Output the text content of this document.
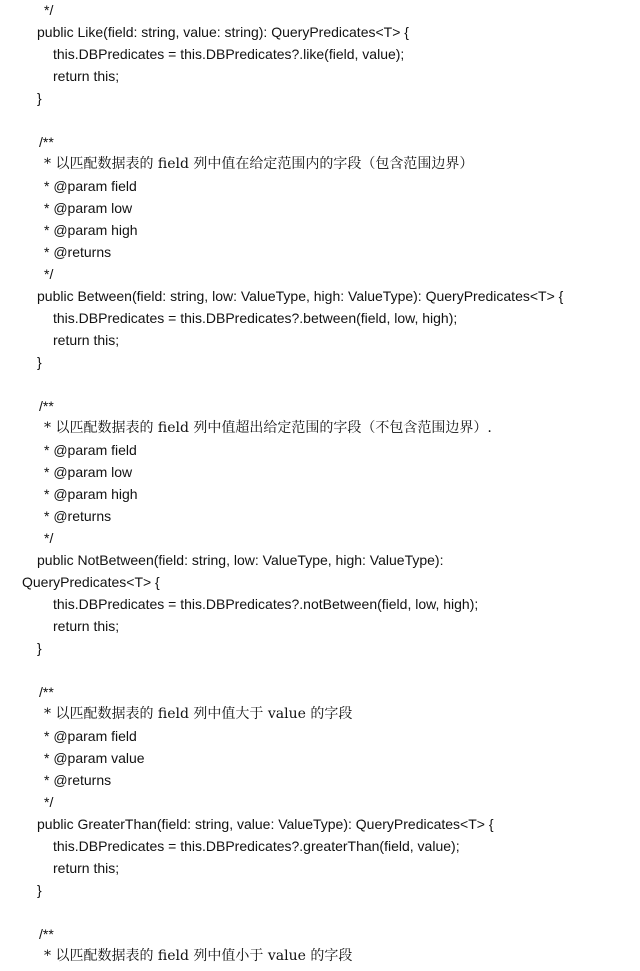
*/
public Like(field: string, value: string): QueryPredicates<T> {
this.DBPredicates = this.DBPredicates?.like(field, value);
return this;
}
/**
* 以匹配数据表的 field 列中值在给定范围内的字段（包含范围边界）
* @param field
* @param low
* @param high
* @returns
*/
public Between(field: string, low: ValueType, high: ValueType): QueryPredicates<T> {
this.DBPredicates = this.DBPredicates?.between(field, low, high);
return this;
}
/**
* 以匹配数据表的 field 列中值超出给定范围的字段（不包含范围边界）.
* @param field
* @param low
* @param high
* @returns
*/
public NotBetween(field: string, low: ValueType, high: ValueType):
QueryPredicates<T> {
this.DBPredicates = this.DBPredicates?.notBetween(field, low, high);
return this;
}
/**
* 以匹配数据表的 field 列中值大于 value 的字段
* @param field
* @param value
* @returns
*/
public GreaterThan(field: string, value: ValueType): QueryPredicates<T> {
this.DBPredicates = this.DBPredicates?.greaterThan(field, value);
return this;
}
/**
* 以匹配数据表的 field 列中值小于 value 的字段
